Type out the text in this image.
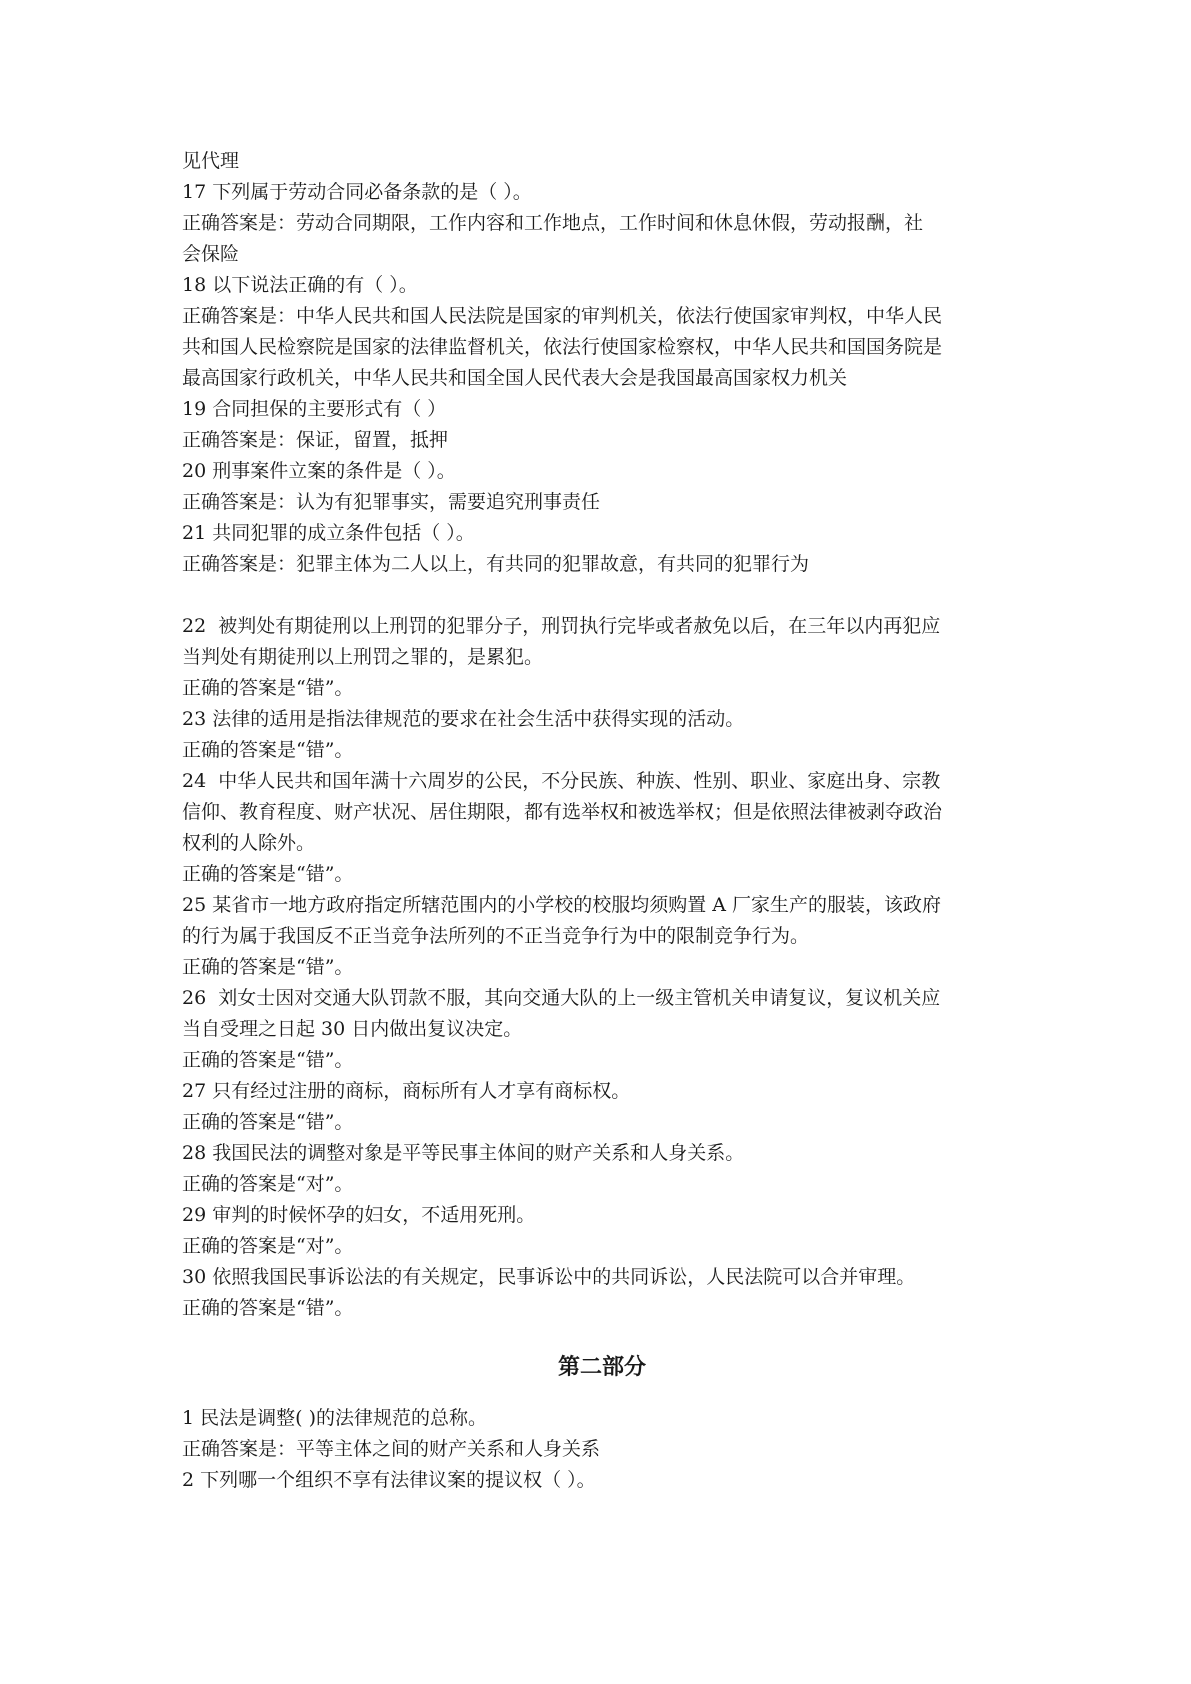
见代理

17 下列属于劳动合同必备条款的是（ ）。

正确答案是：劳动合同期限，工作内容和工作地点，工作时间和休息休假，劳动报酬，社

会保险

18 以下说法正确的有（ ）。

正确答案是：中华人民共和国人民法院是国家的审判机关，依法行使国家审判权，中华人民

共和国人民检察院是国家的法律监督机关，依法行使国家检察权，中华人民共和国国务院是

最高国家行政机关，中华人民共和国全国人民代表大会是我国最高国家权力机关

19 合同担保的主要形式有（ ）

正确答案是：保证，留置，抵押

20 刑事案件立案的条件是（ ）。

正确答案是：认为有犯罪事实，需要追究刑事责任

21 共同犯罪的成立条件包括（ ）。

正确答案是：犯罪主体为二人以上，有共同的犯罪故意，有共同的犯罪行为

22  被判处有期徒刑以上刑罚的犯罪分子，刑罚执行完毕或者赦免以后，在三年以内再犯应

当判处有期徒刑以上刑罚之罪的，是累犯。

正确的答案是“错”。

23 法律的适用是指法律规范的要求在社会生活中获得实现的活动。

正确的答案是“错”。

24  中华人民共和国年满十六周岁的公民，不分民族、种族、性别、职业、家庭出身、宗教

信仰、教育程度、财产状况、居住期限，都有选举权和被选举权；但是依照法律被剥夺政治

权利的人除外。

正确的答案是“错”。

25 某省市一地方政府指定所辖范围内的小学校的校服均须购置 A 厂家生产的服装，该政府

的行为属于我国反不正当竞争法所列的不正当竞争行为中的限制竞争行为。

正确的答案是“错”。

26  刘女士因对交通大队罚款不服，其向交通大队的上一级主管机关申请复议，复议机关应

当自受理之日起 30 日内做出复议决定。

正确的答案是“错”。

27 只有经过注册的商标，商标所有人才享有商标权。

正确的答案是“错”。

28 我国民法的调整对象是平等民事主体间的财产关系和人身关系。

正确的答案是“对”。

29 审判的时候怀孕的妇女，不适用死刑。

正确的答案是“对”。

30 依照我国民事诉讼法的有关规定，民事诉讼中的共同诉讼，人民法院可以合并审理。

正确的答案是“错”。

第二部分

1 民法是调整( )的法律规范的总称。

正确答案是：平等主体之间的财产关系和人身关系

2 下列哪一个组织不享有法律议案的提议权（ ）。
